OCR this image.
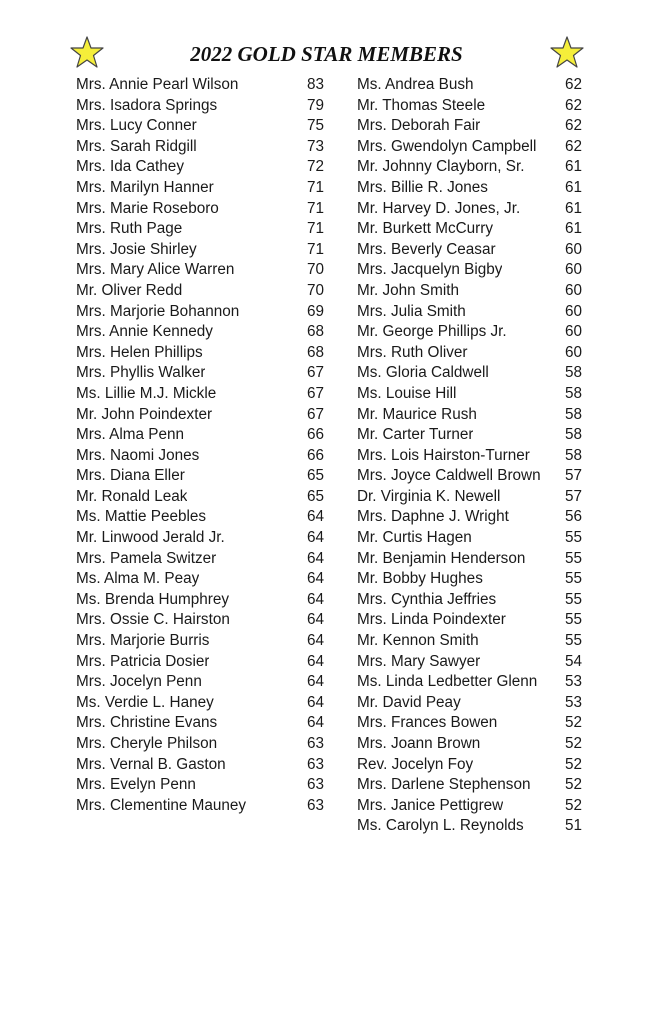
2022 GOLD STAR MEMBERS
Mrs. Annie Pearl Wilson	83
Mrs. Isadora Springs	79
Mrs. Lucy Conner	75
Mrs. Sarah Ridgill	73
Mrs. Ida Cathey	72
Mrs. Marilyn Hanner	71
Mrs. Marie Roseboro	71
Mrs. Ruth Page	71
Mrs. Josie Shirley	71
Mrs. Mary Alice Warren	70
Mr. Oliver Redd	70
Mrs. Marjorie Bohannon	69
Mrs. Annie Kennedy	68
Mrs. Helen Phillips	68
Mrs. Phyllis Walker	67
Ms. Lillie M.J. Mickle	67
Mr. John Poindexter	67
Mrs. Alma Penn	66
Mrs. Naomi Jones	66
Mrs. Diana Eller	65
Mr. Ronald Leak	65
Ms. Mattie Peebles	64
Mr. Linwood Jerald Jr.	64
Mrs. Pamela Switzer	64
Ms. Alma M. Peay	64
Ms. Brenda Humphrey	64
Mrs. Ossie C. Hairston	64
Mrs. Marjorie Burris	64
Mrs. Patricia Dosier	64
Mrs. Jocelyn Penn	64
Ms. Verdie L. Haney	64
Mrs. Christine Evans	64
Mrs. Cheryle Philson	63
Mrs. Vernal B. Gaston	63
Mrs. Evelyn Penn	63
Mrs. Clementine Mauney	63
Ms. Andrea Bush	62
Mr. Thomas Steele	62
Mrs. Deborah Fair	62
Mrs. Gwendolyn Campbell	62
Mr. Johnny Clayborn, Sr.	61
Mrs. Billie R. Jones	61
Mr. Harvey D. Jones, Jr.	61
Mr. Burkett McCurry	61
Mrs. Beverly Ceasar	60
Mrs. Jacquelyn Bigby	60
Mr. John Smith	60
Mrs. Julia Smith	60
Mr. George Phillips Jr.	60
Mrs. Ruth Oliver	60
Ms. Gloria Caldwell	58
Ms. Louise Hill	58
Mr. Maurice Rush	58
Mr. Carter Turner	58
Mrs. Lois Hairston-Turner	58
Mrs. Joyce Caldwell Brown	57
Dr. Virginia K. Newell	57
Mrs. Daphne J. Wright	56
Mr. Curtis Hagen	55
Mr. Benjamin Henderson	55
Mr. Bobby Hughes	55
Mrs. Cynthia Jeffries	55
Mrs. Linda Poindexter	55
Mr. Kennon Smith	55
Mrs. Mary Sawyer	54
Ms. Linda Ledbetter Glenn	53
Mr. David Peay	53
Mrs. Frances Bowen	52
Mrs. Joann Brown	52
Rev. Jocelyn Foy	52
Mrs. Darlene Stephenson	52
Mrs. Janice Pettigrew	52
Ms. Carolyn L. Reynolds	51
